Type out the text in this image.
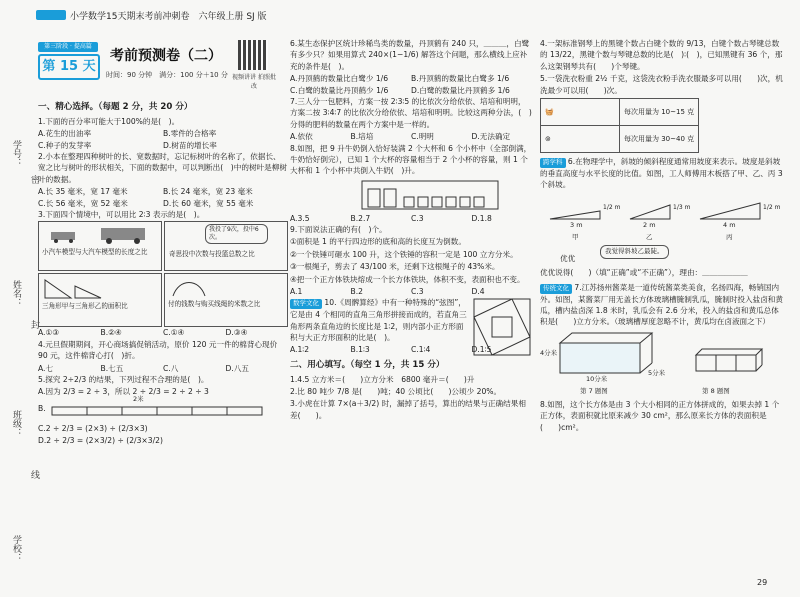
小学数学15天期末考前冲刺卷　 六年级上册 SJ 版
学号：
姓名：
班级：
学校：
密
封
线
第三阶段 · 提高篇
第 15 天
考前预测卷（二）
时间：90 分钟　满分：100 分＋10 分 视频讲讲 拍照批改
一、精心选择。（每题 2 分，共 20 分）
1.下面的百分率可能大于100%的是(　)。
A.花生的出油率	B.零件的合格率
C.种子的发芽率	D.树苗的增长率
2.小本在整理四种树叶的长、宽数据时，忘记标树叶的名称了，依据长、宽之比与树叶的形状相关，下面的数据中，可以判断出(　)中的树叶是柳树叶的数据。
A.长 35 毫米，宽 17 毫米	B.长 24 毫米，宽 23 毫米
C.长 56 毫米，宽 52 毫米	D.长 60 毫米，宽 55 毫米
3.下面四个情境中，可以用比 2∶3 表示的是(　)。
小汽车模型与大汽车模型的长度之比
我投了9次，投中6次。
奇思投中次数与投篮总数之比
三角形甲与三角形乙的面积比	付的钱数与购买线绳的米数之比
A.①③	B.②④	C.①④	D.③④
4.元旦假期期间，开心商场搞促销活动，原价 120 元一件的棉背心现价 90 元，这件棉背心打(　)折。
A.七	B.七五	C.八	D.八五
5.探究 2÷2/3 的结果，下列过程不合理的是(　)。
A.因为 2/3 = 2 ÷ 3，所以 2 ÷ 2/3 = 2 ÷ 2 ÷ 3
B.
2米
C.2 ÷ 2/3 = (2×3) ÷ (2/3×3)
D.2 ÷ 2/3 = (2×3/2) ÷ (2/3×3/2)
6.某生态保护区统计珍稀鸟类的数量，丹顶鹤有 240 只，＿＿＿，白鹭有多少只？如果用算式 240×(1−1/6) 解答这个问题，那么横线上应补充的条件是(　)。
A.丹顶鹤的数量比白鹭少 1/6	B.丹顶鹤的数量比白鹭多 1/6
C.白鹭的数量比丹顶鹤少 1/6	D.白鹭的数量比丹顶鹤多 1/6
7.三人分一包肥料，方案一按 2∶3∶5 的比依次分给依依、培培和明明，方案二按 3∶4∶7 的比依次分给依依、培培和明明。比较这两种分法，(　)分得的肥料的数量在两个方案中是一样的。
A.依依	B.培培	C.明明	D.无法确定
8.如图，把 9 升牛奶倒入恰好装满 2 个大杯和 6 个小杯中（全部倒满，牛奶恰好倒完），已知 1 个大杯的容量相当于 2 个小杯的容量，则 1 个大杯和 1 个小杯中共倒入牛奶(　)升。
A.3.5	B.2.7	C.3	D.1.8
9.下面说法正确的有(　)个。
①面积是 1 的平行四边形的底和高的长度互为倒数。
②一个铁锤可砸水 100 升，这个铁锤的容积一定是 100 立方分米。
③一根绳子，剪去了 43/100 米，还剩下这根绳子的 43%米。
④把一个正方体铁块熔成一个长方体铁块，体积不变，表面积也不变。
A.1	B.2	C.3	D.4
数学文化 10.《周髀算经》中有一种特殊的“弦图”，它是由 4 个相同的直角三角形拼接而成的，若直角三角形两条直角边的长度比是 1∶2，则内部小正方形面积与大正方形面积的比是(　)。
A.1∶2	B.1∶3	C.1∶4	D.1∶5
二、用心填写。（每空 1 分，共 15 分）
1.4.5 立方米＝(　　)立方分米　6800 毫升＝(　　)升
2.比 80 吨少 7/8 是(　　)吨；40 公顷比(　　)公顷少 20%。
3.小虎在计算 7×(a＋3/2) 时，漏掉了括号，算出的结果与正确结果相差(　　)。
4.一架标准钢琴上的黑键个数占白键个数的 9/13，白键个数占琴键总数的 13/22，黑键个数与琴键总数的比是(　)∶(　)，已知黑键有 36 个，那么这架钢琴共有(　　)个琴键。
5.一袋洗衣粉重 2½ 千克，这袋洗衣粉手洗衣服最多可以用(　　)次，机洗最少可以用(　　)次。
🧺	每次用量为 10~15 克
⊚	每次用量为 30~40 克
跨学科 6.在物理学中，斜坡的倾斜程度通常用坡度来表示。坡度是斜坡的垂直高度与水平长度的比值。如图，工人师傅用木板搭了甲、乙、丙 3 个斜坡。
3 m	2 m	4 m
1/2 m	1/3 m	1/2 m
甲	乙	丙
优优
我觉得斜坡乙最陡。
优优说得(　　)（填“正确”或“不正确”），理由：＿＿＿＿＿＿
传统文化 7.江苏扬州酱菜是一道传统酱菜类美食，名扬四海，畅销国内外。如图，某酱菜厂用无盖长方体玻璃槽腌制乳瓜，腌制时投入盐卤和黄瓜，槽内盐卤深 1.8 米时，乳瓜会有 2.6 分米，投入的盐卤和黄瓜总体积是(　　)立方分米。（玻璃槽厚度忽略不计，黄瓜均在卤液面之下）
4分米
10分米
5分米
第 7 题图	第 8 题图
8.如图，这个长方体是由 3 个大小相同的正方体拼成的，如果去掉 1 个正方体，表面积就比原来减少 30 cm²，那么原来长方体的表面积是(　　)cm²。
29
